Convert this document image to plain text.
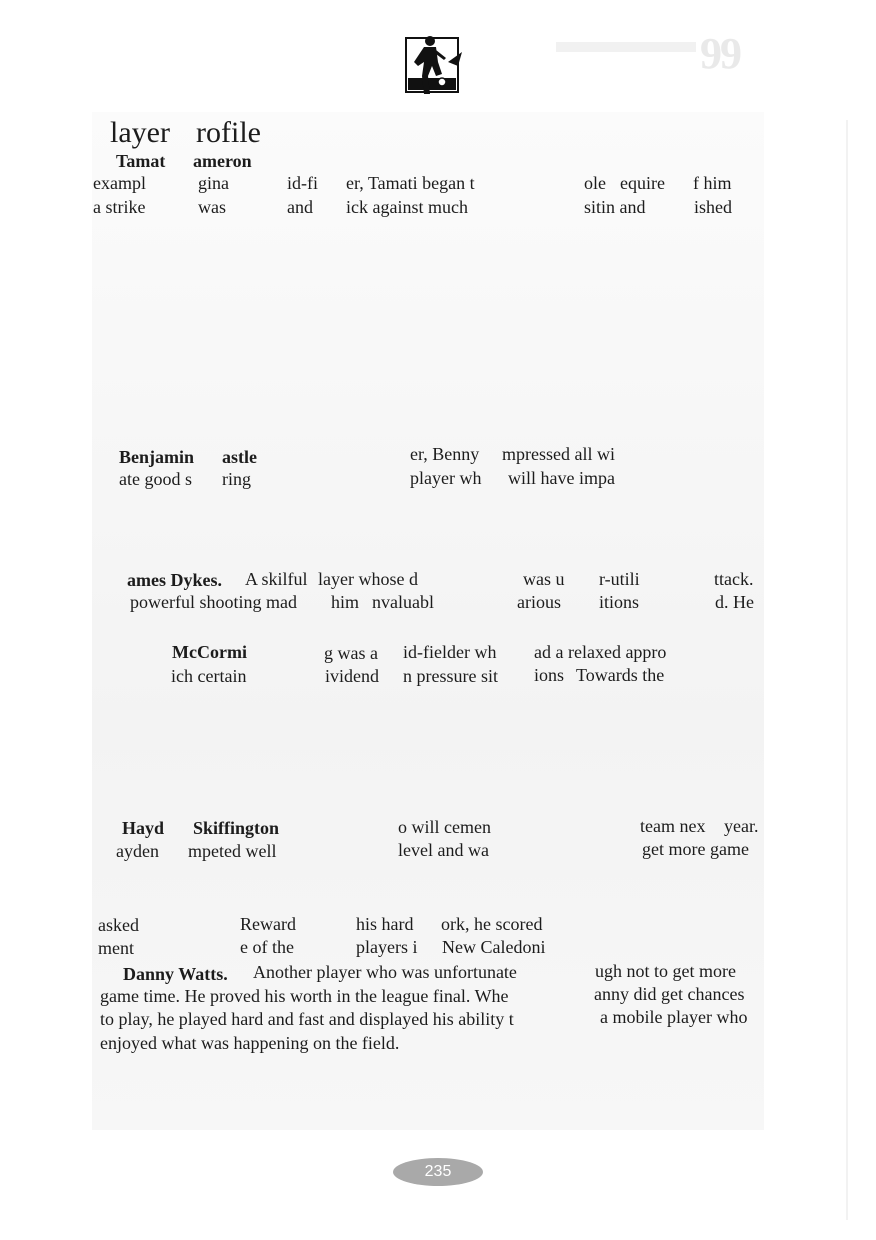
99
layer rofile
Tamat ameron
exampl	gina	id-fi er, Tamati began t	ole equire f him
a strike	was	and ick against much	siti n and	ished
Benjamin astle	er, Benny mpressed all wi
ate good s ring	player wh will have impa
ames Dykes. A skilful layer whose d	was u r-utili	ttack.
powerful shooting mad him nvaluabl	arious itions	d. He
McCormi	g was a id-fielder wh ad a relaxed appro
ich certain	ividend n pressure sit ions Towards the
Hayd Skiffington	o will cemen	team nex year.
ayden mpeted well	level and wa	get more game
asked	Reward	his hard ork, he scored
ment	e of the	players i New Caledoni
Danny Watts. Another player who was unfortunate	ugh not to get more
game time. He proved his worth in the league final. Whe	anny did get chances
to play, he played hard and fast and displayed his ability t	a mobile player who
enjoyed what was happening on the field.
235
